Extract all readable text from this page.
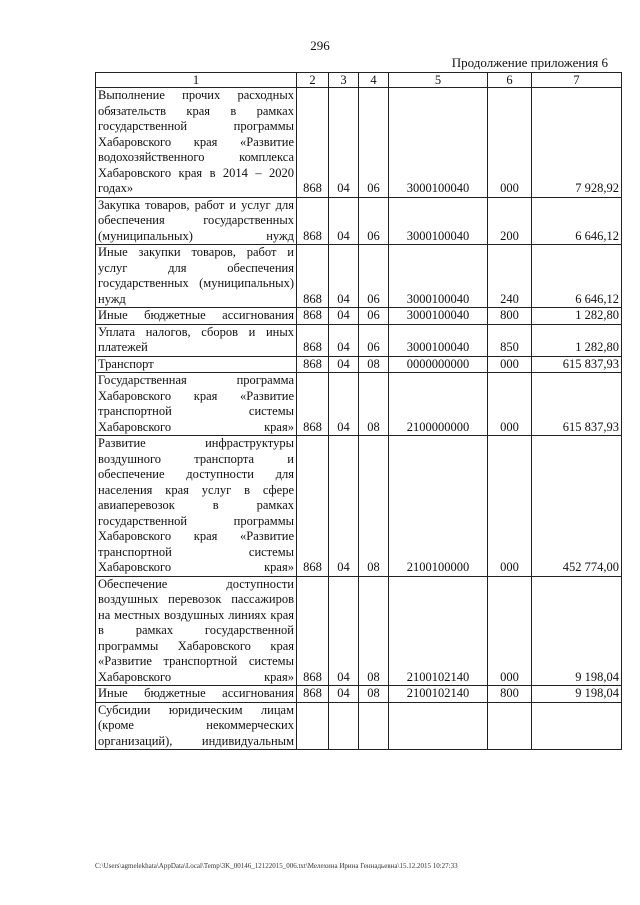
296
Продолжение приложения 6
1	2	3	4	5	6	7
Выполнение прочих расходных обязательств края в рамках государственной программы Хабаровского края «Развитие водохозяйственного комплекса Хабаровского края в 2014 – 2020 годах»	868	04	06	3000100040	000	7 928,92
Закупка товаров, работ и услуг для обеспечения государственных (муниципальных) нужд	868	04	06	3000100040	200	6 646,12
Иные закупки товаров, работ и услуг для обеспечения государственных (муниципальных) нужд	868	04	06	3000100040	240	6 646,12
Иные бюджетные ассигнования	868	04	06	3000100040	800	1 282,80
Уплата налогов, сборов и иных платежей	868	04	06	3000100040	850	1 282,80
Транспорт	868	04	08	0000000000	000	615 837,93
Государственная программа Хабаровского края «Развитие транспортной системы Хабаровского края»	868	04	08	2100000000	000	615 837,93
Развитие инфраструктуры воздушного транспорта и обеспечение доступности для населения края услуг в сфере авиаперевозок в рамках государственной программы Хабаровского края «Развитие транспортной системы Хабаровского края»	868	04	08	2100100000	000	452 774,00
Обеспечение доступности воздушных перевозок пассажиров на местных воздушных линиях края в рамках государственной программы Хабаровского края «Развитие транспортной системы Хабаровского края»	868	04	08	2100102140	000	9 198,04
Иные бюджетные ассигнования	868	04	08	2100102140	800	9 198,04
Субсидии юридическим лицам (кроме некоммерческих организаций), индивидуальным						
C:\Users\agmelekhata\AppData\Local\Temp\3K_00146_12122015_006.txt\Мелехина Ирина Геннадьевна\15.12.2015 10:27:33
